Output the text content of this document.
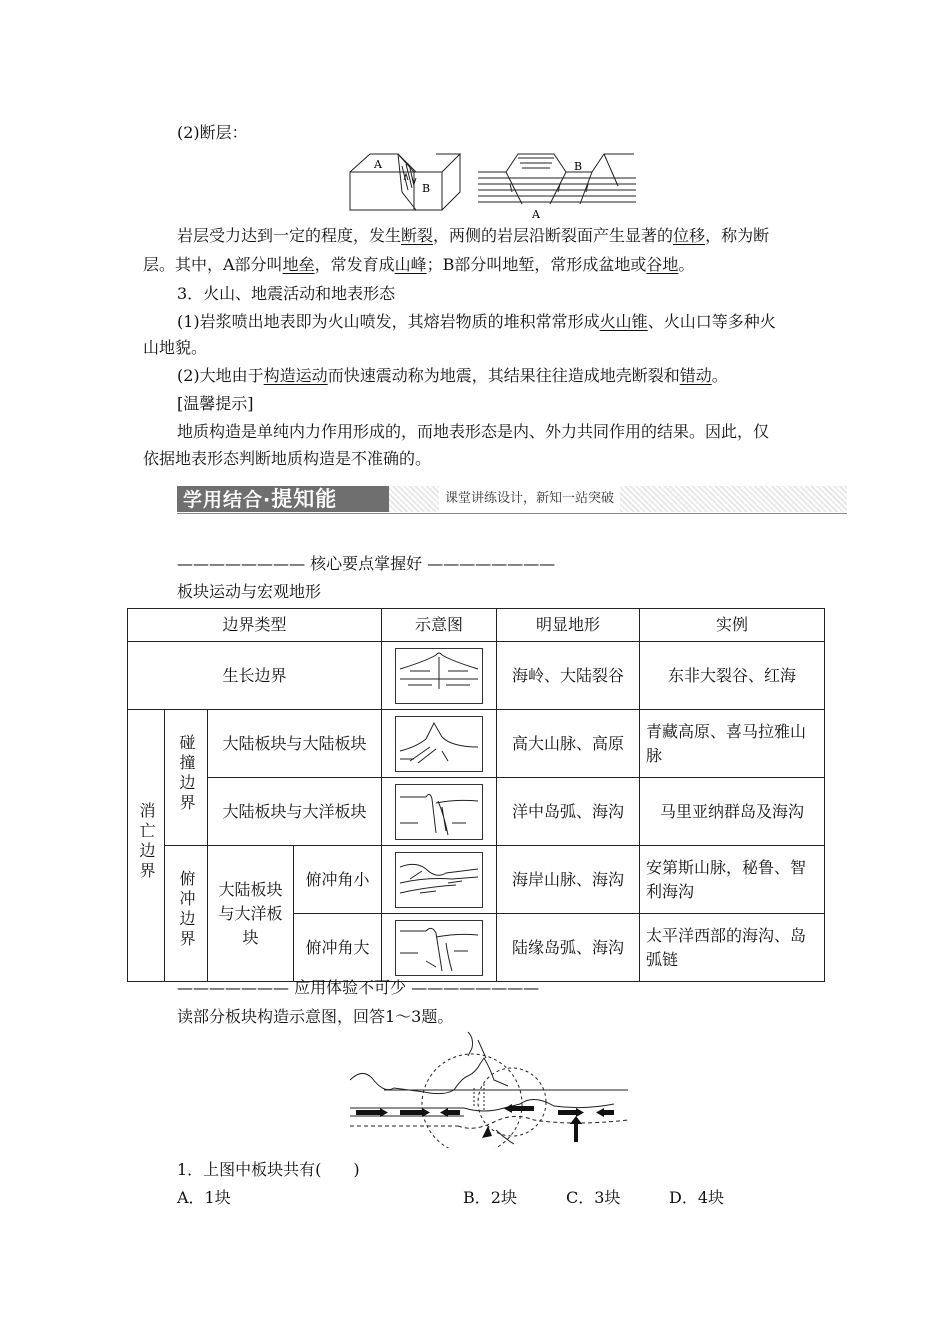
(2)断层：
A
B
B
A
岩层受力达到一定的程度，发生断裂，两侧的岩层沿断裂面产生显著的位移，称为断
层。其中，A部分叫地垒，常发育成山峰；B部分叫地堑，常形成盆地或谷地。
3．火山、地震活动和地表形态
(1)岩浆喷出地表即为火山喷发，其熔岩物质的堆积常常形成火山锥、火山口等多种火
山地貌。
(2)大地由于构造运动而快速震动称为地震，其结果往往造成地壳断裂和错动。
[温馨提示]
地质构造是单纯内力作用形成的，而地表形态是内、外力共同作用的结果。因此，仅
依据地表形态判断地质构造是不准确的。
学用结合·提知能	课堂讲练设计，新知一站突破
———————— 核心要点掌握好 ————————
板块运动与宏观地形
边界类型				示意图	明显地形	实例
生长边界					海岭、大陆裂谷	东非大裂谷、红海
消亡边界	碰撞边界	大陆板块与大陆板块			高大山脉、高原	青藏高原、喜马拉雅山脉
		大陆板块与大洋板块			洋中岛弧、海沟	马里亚纳群岛及海沟
	俯冲边界	大陆板块与大洋板块	俯冲角小		海岸山脉、海沟	安第斯山脉，秘鲁、智利海沟
			俯冲角大		陆缘岛弧、海沟	太平洋西部的海沟、岛弧链
——————— 应用体验不可少 ————————
读部分板块构造示意图，回答1～3题。
1．上图中板块共有(　　)
A．1块	B．2块	C．3块	D．4块
